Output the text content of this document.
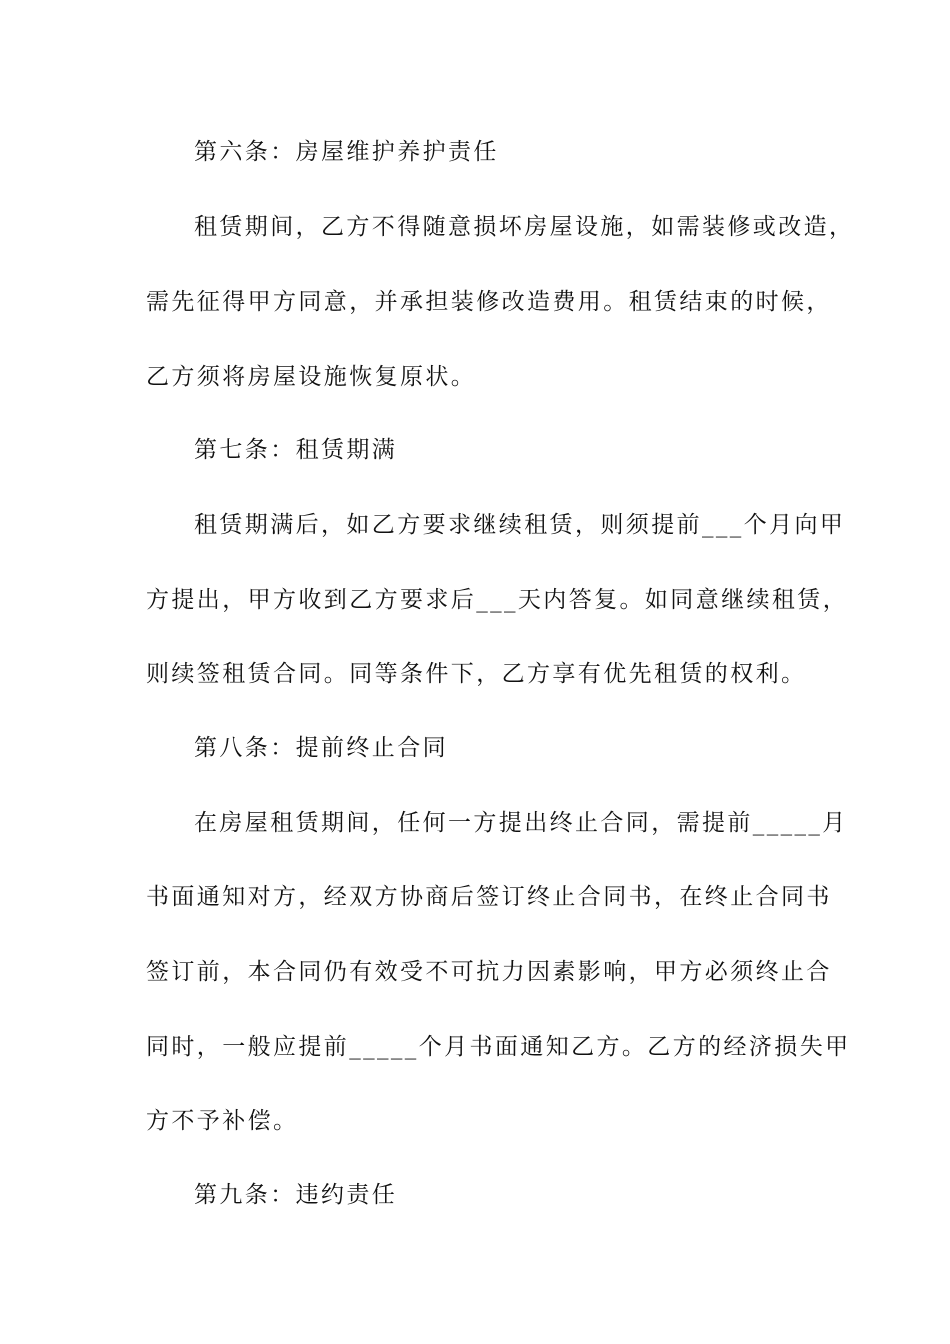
第六条：房屋维护养护责任
租赁期间，乙方不得随意损坏房屋设施，如需装修或改造，
需先征得甲方同意，并承担装修改造费用。租赁结束的时候，
乙方须将房屋设施恢复原状。
第七条：租赁期满
租赁期满后，如乙方要求继续租赁，则须提前___个月向甲
方提出，甲方收到乙方要求后___天内答复。如同意继续租赁，
则续签租赁合同。同等条件下，乙方享有优先租赁的权利。
第八条：提前终止合同
在房屋租赁期间，任何一方提出终止合同，需提前_____月
书面通知对方，经双方协商后签订终止合同书，在终止合同书
签订前，本合同仍有效受不可抗力因素影响，甲方必须终止合
同时，一般应提前_____个月书面通知乙方。乙方的经济损失甲
方不予补偿。
第九条：违约责任
